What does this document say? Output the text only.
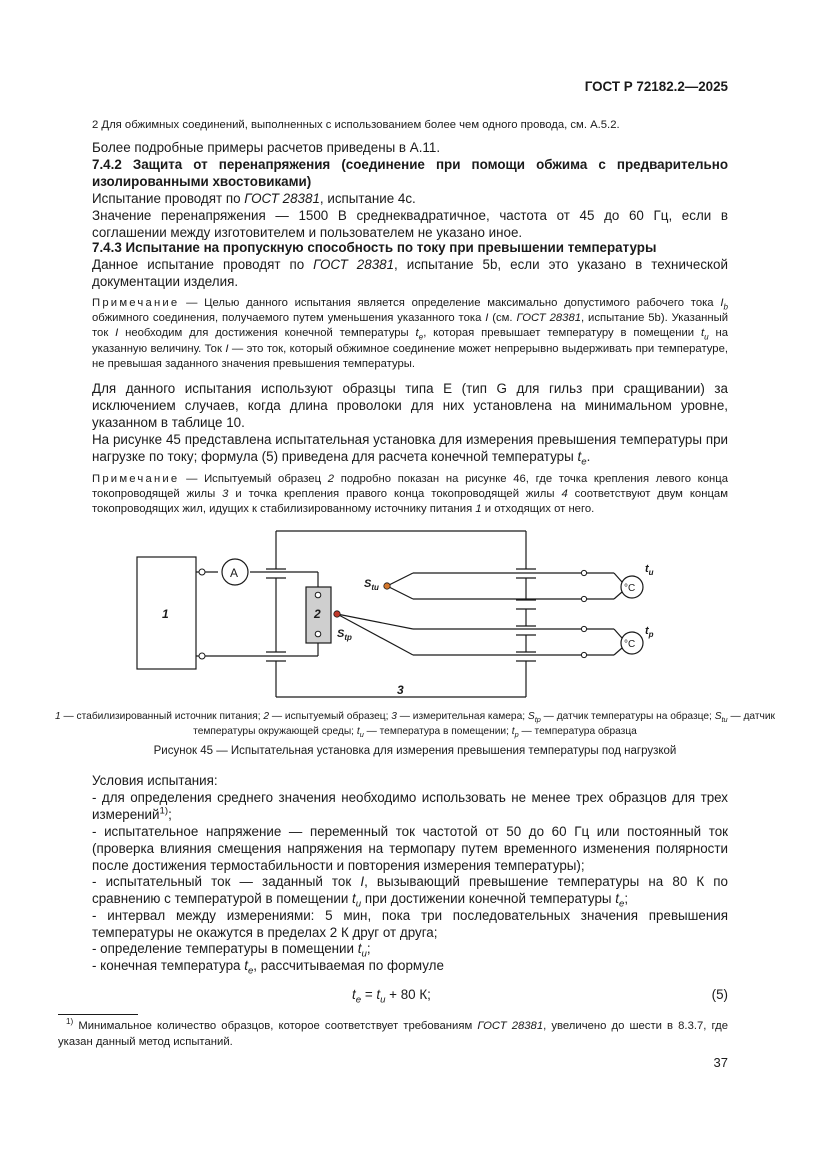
ГОСТ Р 72182.2—2025

2 Для обжимных соединений, выполненных с использованием более чем одного провода, см. А.5.2.

Более подробные примеры расчетов приведены в А.11.

7.4.2 Защита от перенапряжения (соединение при помощи обжима с предварительно изолированными хвостовиками)

Испытание проводят по ГОСТ 28381, испытание 4с.

Значение перенапряжения — 1500 В среднеквадратичное, частота от 45 до 60 Гц, если в соглашении между изготовителем и пользователем не указано иное.

7.4.3 Испытание на пропускную способность по току при превышении температуры

Данное испытание проводят по ГОСТ 28381, испытание 5b, если это указано в технической документации изделия.

Примечание — Целью данного испытания является определение максимально допустимого рабочего тока $I_b$ обжимного соединения, получаемого путем уменьшения указанного тока I (см. ГОСТ 28381, испытание 5b). Указанный ток I необходим для достижения конечной температуры $t_e$, которая превышает температуру в помещении $t_u$ на указанную величину. Ток I — это ток, который обжимное соединение может непрерывно выдерживать при температуре, не превышая заданного значения превышения температуры.

Для данного испытания используют образцы типа Е (тип G для гильз при сращивании) за исключением случаев, когда длина проволоки для них установлена на минимальном уровне, указанном в таблице 10.

На рисунке 45 представлена испытательная установка для измерения превышения температуры при нагрузке по току; формула (5) приведена для расчета конечной температуры $t_e$.

Примечание — Испытуемый образец 2 подробно показан на рисунке 46, где точка крепления левого конца токопроводящей жилы 3 и точка крепления правого конца токопроводящей жилы 4 соответствуют двум концам токопроводящих жил, идущих к стабилизированному источнику питания 1 и отходящих от него.

1	2
3
A
°C
°C
$S_{tu}$
$S_{tp}$
$t_u$
$t_p$
1 — стабилизированный источник питания; 2 — испытуемый образец; 3 — измерительная камера; $S_{tp}$ — датчик температуры на образце; $S_{tu}$ — датчик температуры окружающей среды; $t_u$ — температура в помещении; $t_p$ — температура образца
Рисунок 45 — Испытательная установка для измерения превышения температуры под нагрузкой

Условия испытания:

- для определения среднего значения необходимо использовать не менее трех образцов для трех измерений$^{1)}$;

- испытательное напряжение — переменный ток частотой от 50 до 60 Гц или постоянный ток (проверка влияния смещения напряжения на термопару путем временного изменения полярности после достижения термостабильности и повторения измерения температуры);

- испытательный ток — заданный ток I, вызывающий превышение температуры на 80 К по сравнению с температурой в помещении $t_u$ при достижении конечной температуры $t_e$;

- интервал между измерениями: 5 мин, пока три последовательных значения превышения температуры не окажутся в пределах 2 К друг от друга;

- определение температуры в помещении $t_u$;

- конечная температура $t_e$, рассчитываемая по формуле

$t_e = t_u + 80$ К;	(5)
$^{1)}$ Минимальное количество образцов, которое соответствует требованиям ГОСТ 28381, увеличено до шести в 8.3.7, где указан данный метод испытаний.
37
